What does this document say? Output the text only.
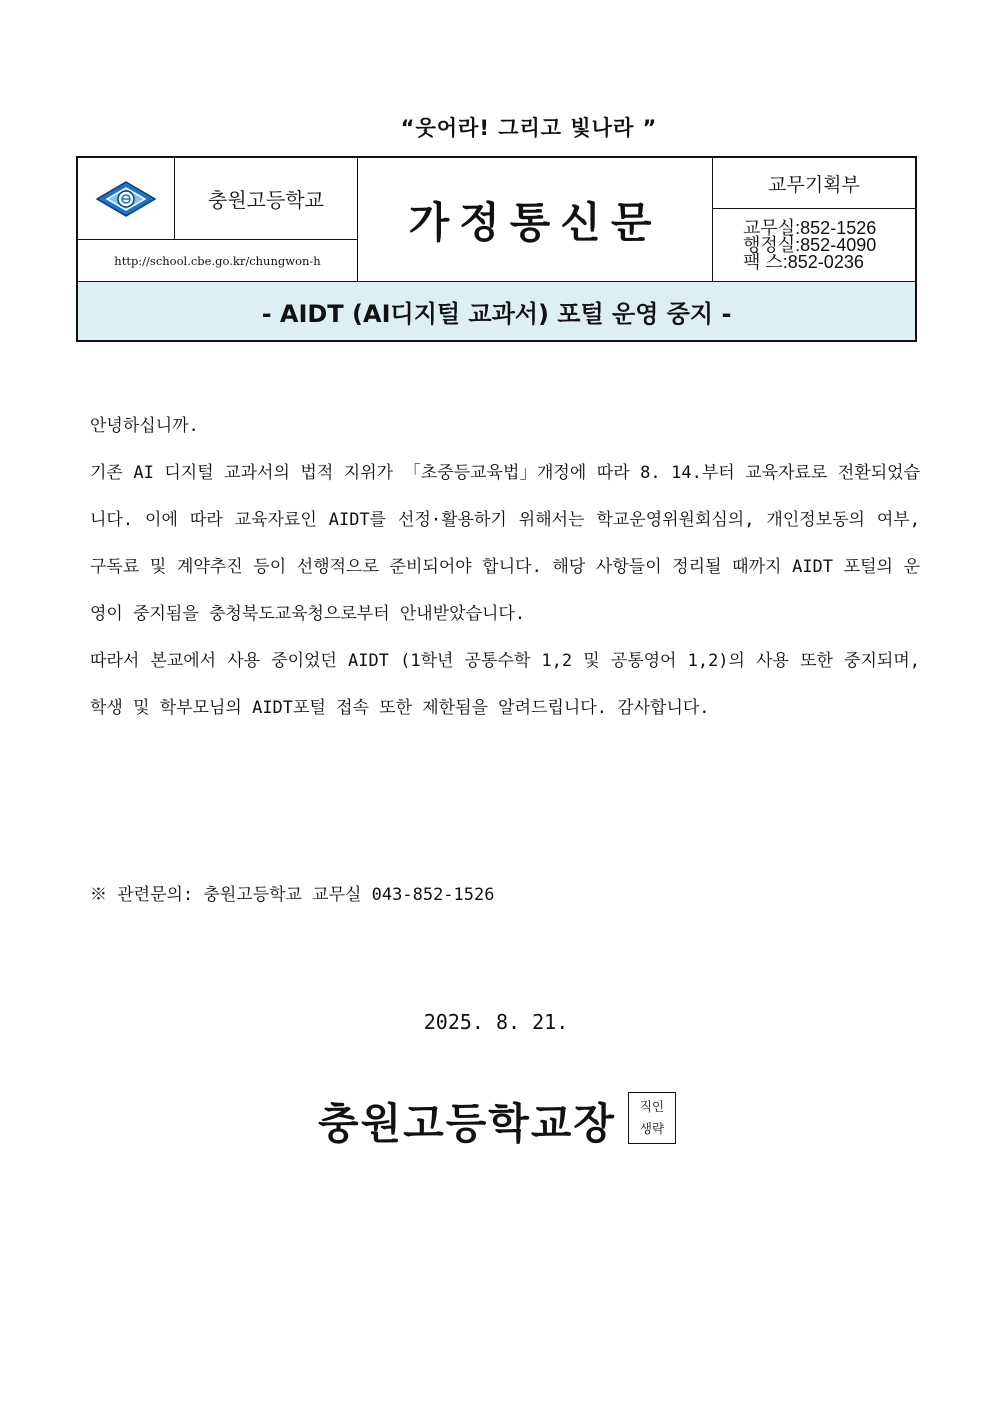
“웃어라! 그리고 빛나라 ”
충원고등학교
http://school.cbe.go.kr/chungwon-h
가정통신문
교무기획부
교무실:852-1526
행정실:852-4090
팩 스:852-0236
- AIDT (AI디지털 교과서) 포털 운영 중지 -

안녕하십니까.

기존 AI 디지털 교과서의 법적 지위가 「초중등교육법」개정에 따라 8. 14.부터 교육자료로 전환되었습니다. 이에 따라 교육자료인 AIDT를 선정·활용하기 위해서는 학교운영위원회심의, 개인정보동의 여부, 구독료 및 계약추진 등이 선행적으로 준비되어야 합니다. 해당 사항들이 정리될 때까지 AIDT 포털의 운영이 중지됨을 충청북도교육청으로부터 안내받았습니다.

따라서 본교에서 사용 중이었던 AIDT (1학년 공통수학 1,2 및 공통영어 1,2)의 사용 또한 중지되며, 학생 및 학부모님의 AIDT포털 접속 또한 제한됨을 알려드립니다. 감사합니다.

※ 관련문의: 충원고등학교 교무실 043-852-1526
2025. 8. 21.
충원고등학교장 직인
생략
